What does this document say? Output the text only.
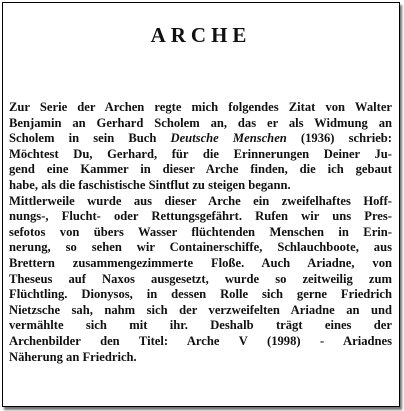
ARCHE
Zur Serie der Archen regte mich folgendes Zitat von Walter
Benjamin an Gerhard Scholem an, das er als Widmung an
Scholem in sein Buch Deutsche Menschen (1936) schrieb:
Möchtest Du, Gerhard, für die Erinnerungen Deiner Ju-
gend eine Kammer in dieser Arche finden, die ich gebaut
habe, als die faschistische Sintflut zu steigen begann.
Mittlerweile wurde aus dieser Arche ein zweifelhaftes Hoff-
nungs-, Flucht- oder Rettungsgefährt. Rufen wir uns Pres-
sefotos von übers Wasser flüchtenden Menschen in Erin-
nerung, so sehen wir Containerschiffe, Schlauchboote, aus
Brettern zusammengezimmerte Floße. Auch Ariadne, von
Theseus auf Naxos ausgesetzt, wurde so zeitweilig zum
Flüchtling. Dionysos, in dessen Rolle sich gerne Friedrich
Nietzsche sah, nahm sich der verzweifelten Ariadne an und
vermählte sich mit ihr. Deshalb trägt eines der
Archenbilder den Titel: Arche V (1998) - Ariadnes
Näherung an Friedrich.
